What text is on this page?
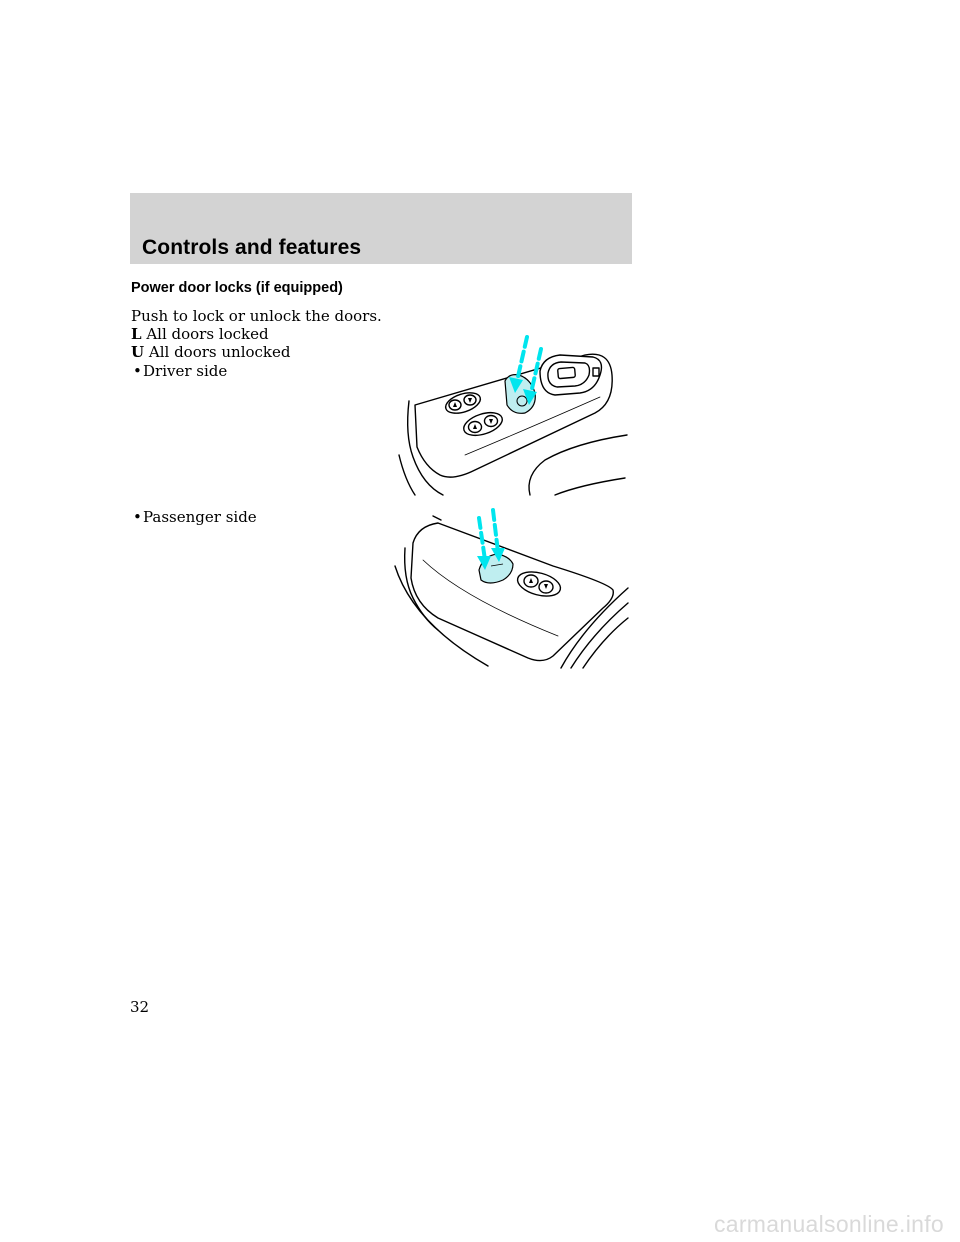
Controls and features
Power door locks (if equipped)
Push to lock or unlock the doors.
L All doors locked
U All doors unlocked
• Driver side
• Passenger side
32
carmanualsonline.info
